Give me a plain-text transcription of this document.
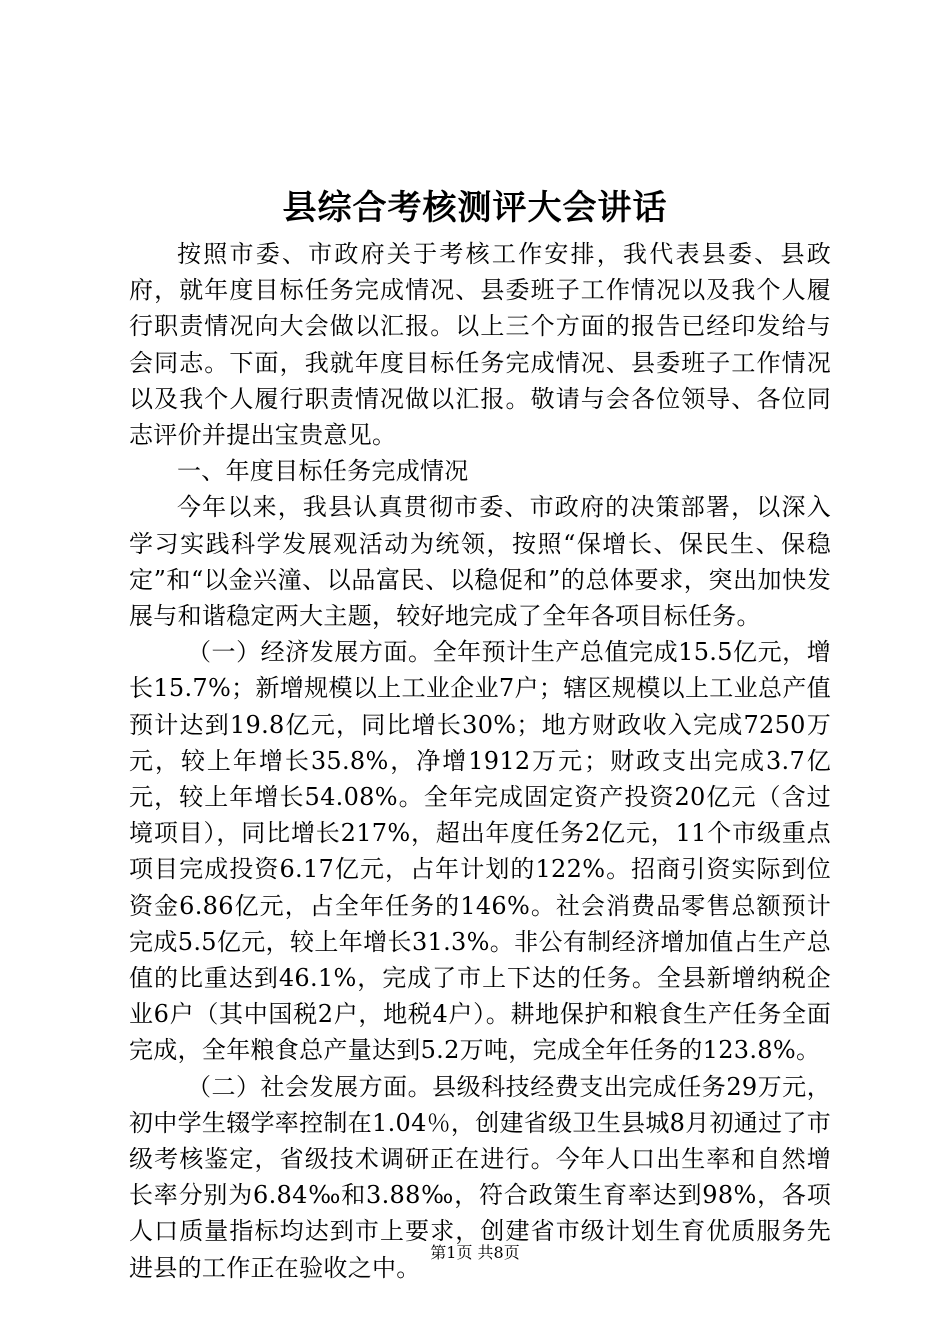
县综合考核测评大会讲话

按照市委、市政府关于考核工作安排，我代表县委、县政府，就年度目标任务完成情况、县委班子工作情况以及我个人履行职责情况向大会做以汇报。以上三个方面的报告已经印发给与会同志。下面，我就年度目标任务完成情况、县委班子工作情况以及我个人履行职责情况做以汇报。敬请与会各位领导、各位同志评价并提出宝贵意见。

一、年度目标任务完成情况

今年以来，我县认真贯彻市委、市政府的决策部署，以深入学习实践科学发展观活动为统领，按照“保增长、保民生、保稳定”和“以金兴潼、以品富民、以稳促和”的总体要求，突出加快发展与和谐稳定两大主题，较好地完成了全年各项目标任务。

（一）经济发展方面。全年预计生产总值完成15.5亿元，增长15.7%；新增规模以上工业企业7户；辖区规模以上工业总产值预计达到19.8亿元，同比增长30%；地方财政收入完成7250万元，较上年增长35.8%，净增1912万元；财政支出完成3.7亿元，较上年增长54.08%。全年完成固定资产投资20亿元（含过境项目），同比增长217%，超出年度任务2亿元，11个市级重点项目完成投资6.17亿元，占年计划的122%。招商引资实际到位资金6.86亿元，占全年任务的146%。社会消费品零售总额预计完成5.5亿元，较上年增长31.3%。非公有制经济增加值占生产总值的比重达到46.1%，完成了市上下达的任务。全县新增纳税企业6户（其中国税2户，地税4户）。耕地保护和粮食生产任务全面完成，全年粮食总产量达到5.2万吨，完成全年任务的123.8%。

（二）社会发展方面。县级科技经费支出完成任务29万元，初中学生辍学率控制在1.04％，创建省级卫生县城8月初通过了市级考核鉴定，省级技术调研正在进行。今年人口出生率和自然增长率分别为6.84‰和3.88‰，符合政策生育率达到98%，各项人口质量指标均达到市上要求，创建省市级计划生育优质服务先进县的工作正在验收之中。

第1页 共8页
